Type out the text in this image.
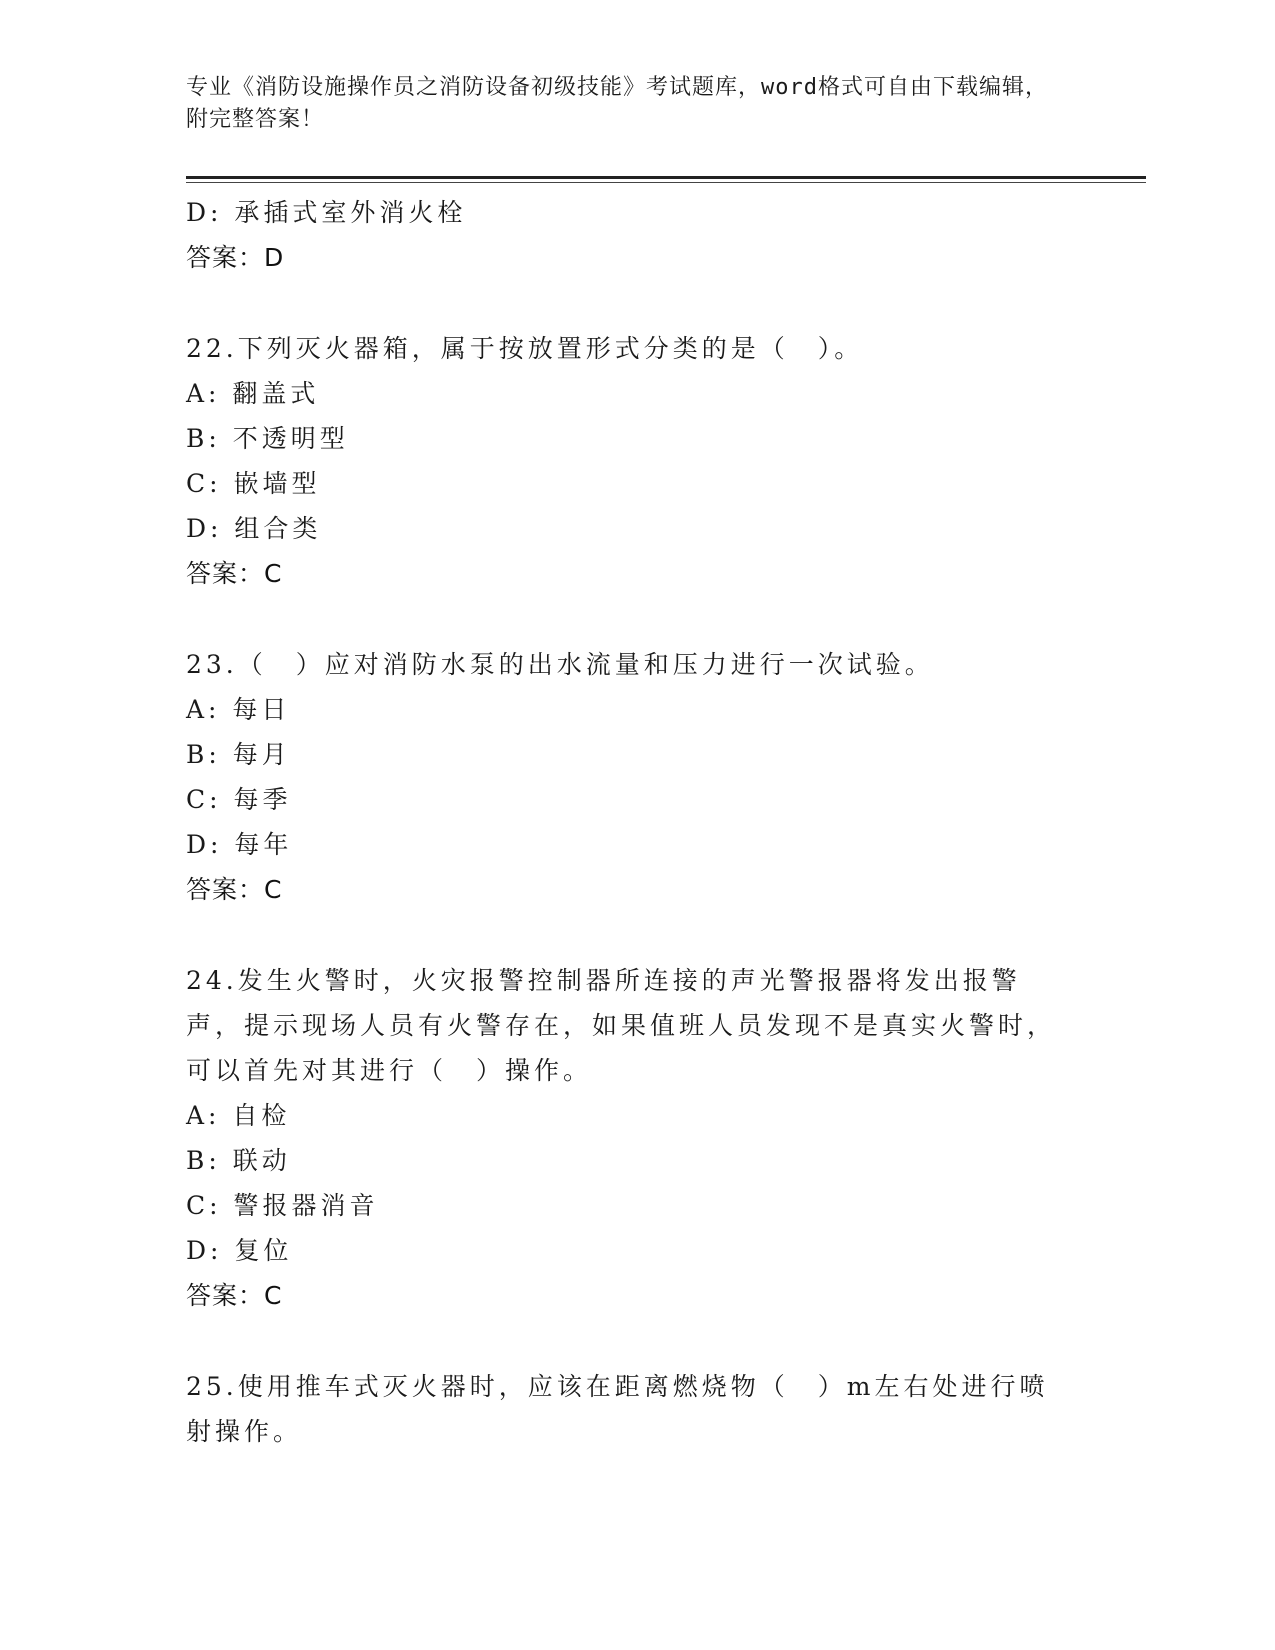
专业《消防设施操作员之消防设备初级技能》考试题库，word格式可自由下载编辑，附完整答案！
D: 承插式室外消火栓
答案：D
22.下列灭火器箱，属于按放置形式分类的是（　）。
A: 翻盖式
B: 不透明型
C: 嵌墙型
D: 组合类
答案：C
23.（　）应对消防水泵的出水流量和压力进行一次试验。
A: 每日
B: 每月
C: 每季
D: 每年
答案：C
24.发生火警时，火灾报警控制器所连接的声光警报器将发出报警声，提示现场人员有火警存在，如果值班人员发现不是真实火警时，可以首先对其进行（　）操作。
A: 自检
B: 联动
C: 警报器消音
D: 复位
答案：C
25.使用推车式灭火器时，应该在距离燃烧物（　）m左右处进行喷射操作。
